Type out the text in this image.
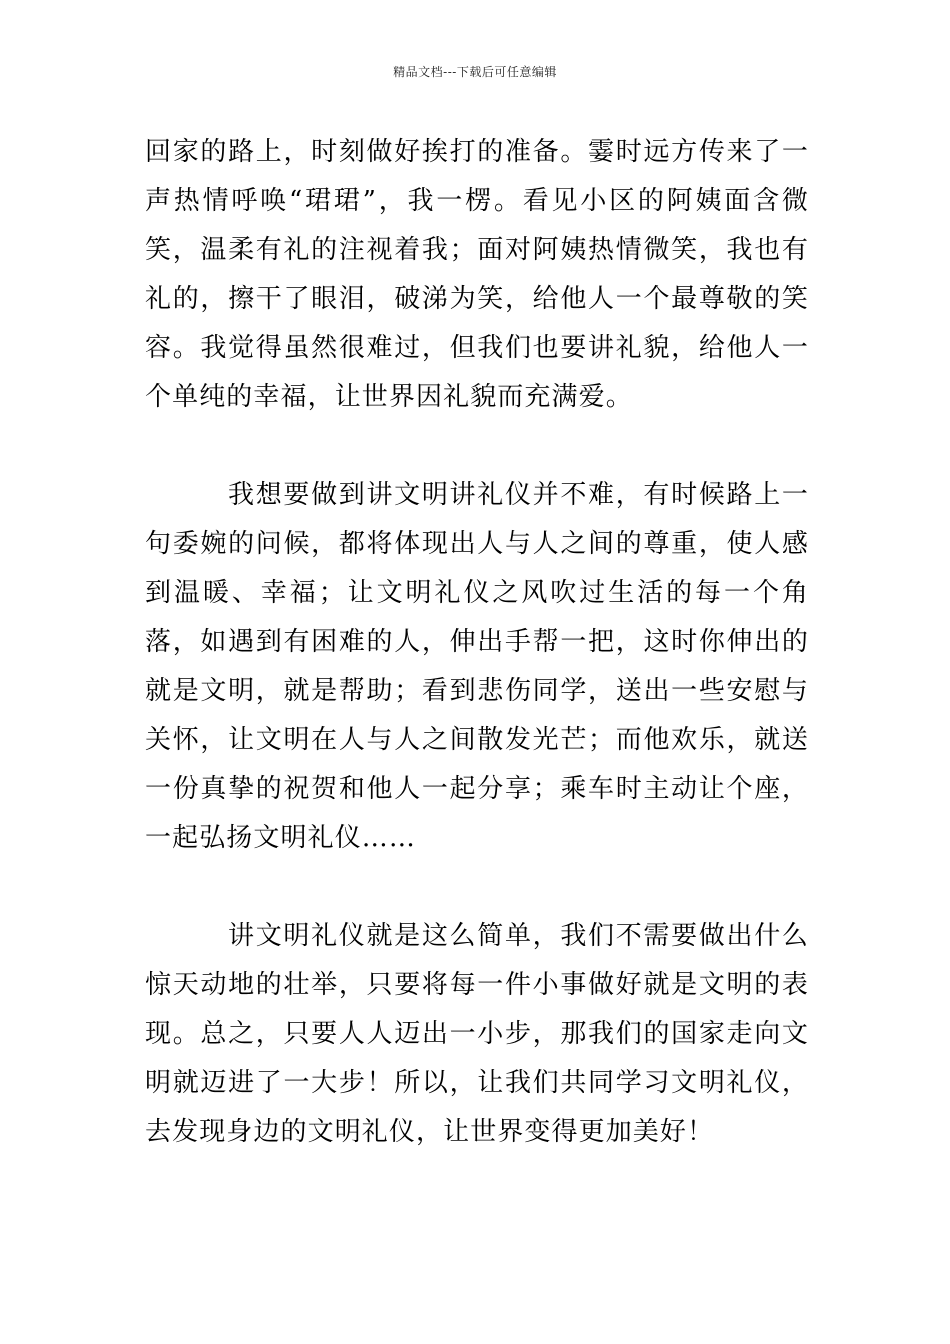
精品文档---下载后可任意编辑

回家的路上，时刻做好挨打的准备。霎时远方传来了一声热情呼唤“珺珺”，我一楞。看见小区的阿姨面含微笑，温柔有礼的注视着我；面对阿姨热情微笑，我也有礼的，擦干了眼泪，破涕为笑，给他人一个最尊敬的笑容。我觉得虽然很难过，但我们也要讲礼貌，给他人一个单纯的幸福，让世界因礼貌而充满爱。

我想要做到讲文明讲礼仪并不难，有时候路上一句委婉的问候，都将体现出人与人之间的尊重，使人感到温暖、幸福；让文明礼仪之风吹过生活的每一个角落，如遇到有困难的人，伸出手帮一把，这时你伸出的就是文明，就是帮助；看到悲伤同学，送出一些安慰与关怀，让文明在人与人之间散发光芒；而他欢乐，就送一份真挚的祝贺和他人一起分享；乘车时主动让个座，一起弘扬文明礼仪……

讲文明礼仪就是这么简单，我们不需要做出什么惊天动地的壮举，只要将每一件小事做好就是文明的表现。总之，只要人人迈出一小步，那我们的国家走向文明就迈进了一大步！所以，让我们共同学习文明礼仪，去发现身边的文明礼仪，让世界变得更加美好！
